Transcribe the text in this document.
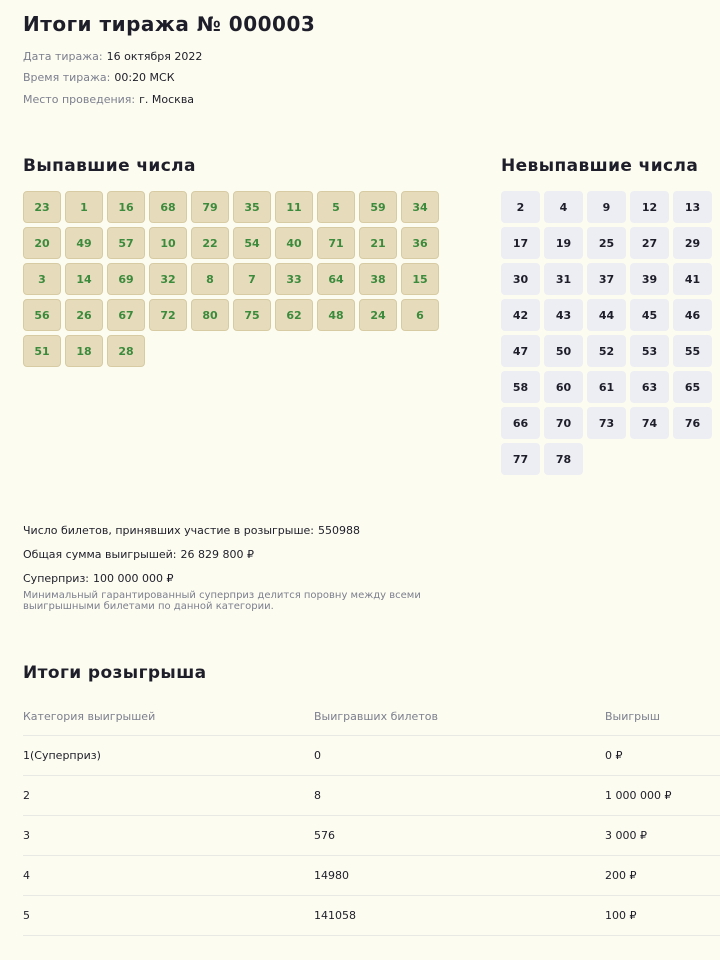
Итоги тиража № 000003
Дата тиража: 16 октября 2022
Время тиража: 00:20 МСК
Место проведения: г. Москва
Выпавшие числа	Невыпавшие числа
23	1	16	68	79	35	11	5	59	34
20	49	57	10	22	54	40	71	21	36
3	14	69	32	8	7	33	64	38	15
56	26	67	72	80	75	62	48	24	6
51	18	28
2	4	9	12	13
17	19	25	27	29
30	31	37	39	41
42	43	44	45	46
47	50	52	53	55
58	60	61	63	65
66	70	73	74	76
77	78
Число билетов, принявших участие в розыгрыше: 550988
Общая сумма выигрышей: 26 829 800 ₽
Суперприз: 100 000 000 ₽

Минимальный гарантированный суперприз делится поровну между всеми выигрышными билетами по данной категории.

Итоги розыгрыша
Категория выигрышей	Выигравших билетов	Выигрыш
1(Суперприз)	0	0 ₽
2	8	1 000 000 ₽
3	576	3 000 ₽
4	14980	200 ₽
5	141058	100 ₽
